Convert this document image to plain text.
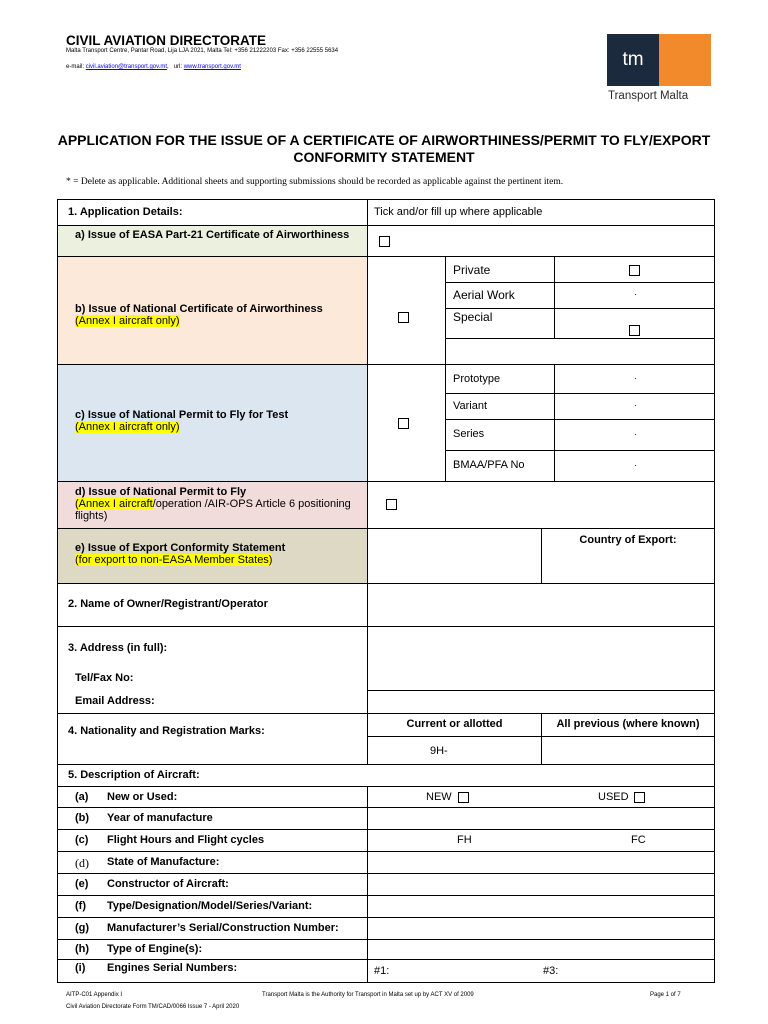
CIVIL AVIATION DIRECTORATE
Malta Transport Centre, Pantar Road, Lija LJA 2021, Malta Tel: +356 21222203 Fax: +356 22555 5634
e-mail: civil.aviation@transport.gov.mt,   url: www.transport.gov.mt	tm
Transport Malta
APPLICATION FOR THE ISSUE OF A CERTIFICATE OF AIRWORTHINESS/PERMIT TO FLY/EXPORT CONFORMITY STATEMENT
* = Delete as applicable. Additional sheets and supporting submissions should be recorded as applicable against the pertinent item.
1. Application Details:	Tick and/or fill up where applicable
a) Issue of EASA Part-21 Certificate of Airworthiness
b) Issue of National Certificate of Airworthiness
(Annex I aircraft only)
Private
Aerial Work	·
Special
c) Issue of National Permit to Fly for Test
(Annex I aircraft only)
Prototype	·
Variant	·
Series	·
BMAA/PFA No	·
d) Issue of National Permit to Fly
(Annex I aircraft/operation /AIR-OPS Article 6 positioning flights)
e) Issue of Export Conformity Statement
(for export to non-EASA Member States)
Country of Export:
2. Name of Owner/Registrant/Operator
3. Address (in full):
Tel/Fax No:
Email Address:
4. Nationality and Registration Marks:
Current or allotted	All previous (where known)
9H-
5. Description of Aircraft:
(a) New or Used:	NEW	USED
(b) Year of manufacture
(c) Flight Hours and Flight cycles	FH	FC
(d) State of Manufacture:
(e) Constructor of Aircraft:
(f) Type/Designation/Model/Series/Variant:
(g) Manufacturer’s Serial/Construction Number:
(h) Type of Engine(s):
(i) Engines Serial Numbers:	#1:	#3:
AITP-C01 Appendix I	Transport Malta is the Authority for Transport in Malta set up by ACT XV of 2009	Page 1 of 7
Civil Aviation Directorate Form TM/CAD/0066 Issue 7 - April 2020
